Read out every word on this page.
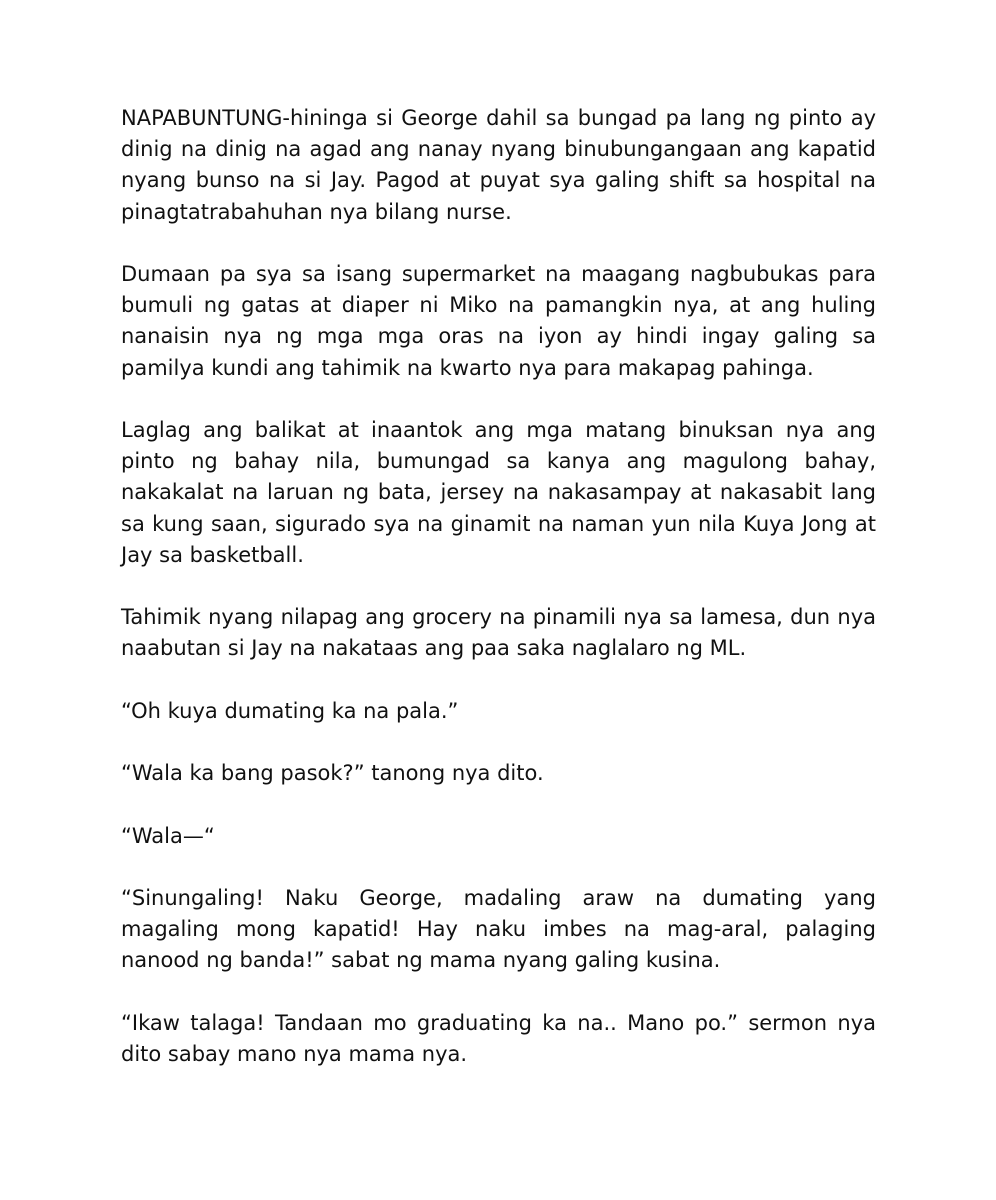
NAPABUNTUNG-hininga si George dahil sa bungad pa lang ng pinto ay dinig na dinig na agad ang nanay nyang binubungangaan ang kapatid nyang bunso na si Jay. Pagod at puyat sya galing shift sa hospital na pinagtatrabahuhan nya bilang nurse.

Dumaan pa sya sa isang supermarket na maagang nagbubukas para bumuli ng gatas at diaper ni Miko na pamangkin nya, at ang huling nanaisin nya ng mga mga oras na iyon ay hindi ingay galing sa pamilya kundi ang tahimik na kwarto nya para makapag pahinga.

Laglag ang balikat at inaantok ang mga matang binuksan nya ang pinto ng bahay nila, bumungad sa kanya ang magulong bahay, nakakalat na laruan ng bata, jersey na nakasampay at nakasabit lang sa kung saan, sigurado sya na ginamit na naman yun nila Kuya Jong at Jay sa basketball.

Tahimik nyang nilapag ang grocery na pinamili nya sa lamesa, dun nya naabutan si Jay na nakataas ang paa saka naglalaro ng ML.

“Oh kuya dumating ka na pala.”

“Wala ka bang pasok?” tanong nya dito.

“Wala—“

“Sinungaling! Naku George, madaling araw na dumating yang magaling mong kapatid! Hay naku imbes na mag-aral, palaging nanood ng banda!” sabat ng mama nyang galing kusina.

“Ikaw talaga! Tandaan mo graduating ka na.. Mano po.” sermon nya dito sabay mano nya mama nya.
